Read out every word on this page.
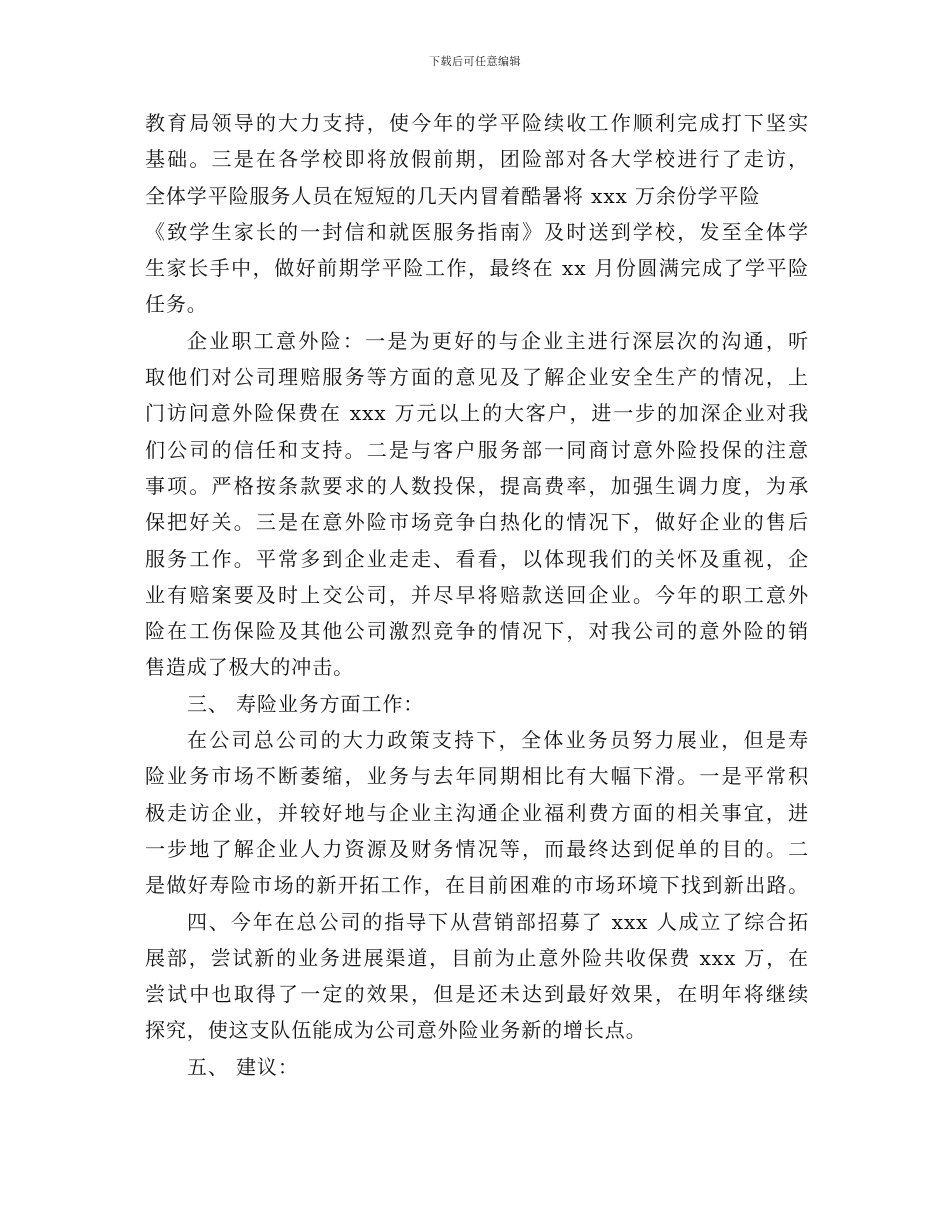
下载后可任意编辑
教育局领导的大力支持，使今年的学平险续收工作顺利完成打下坚实
基础。三是在各学校即将放假前期，团险部对各大学校进行了走访，
全体学平险服务人员在短短的几天内冒着酷暑将 xxx 万余份学平险
《致学生家长的一封信和就医服务指南》及时送到学校，发至全体学
生家长手中，做好前期学平险工作，最终在 xx 月份圆满完成了学平险
任务。
企业职工意外险：一是为更好的与企业主进行深层次的沟通，听
取他们对公司理赔服务等方面的意见及了解企业安全生产的情况，上
门访问意外险保费在 xxx 万元以上的大客户，进一步的加深企业对我
们公司的信任和支持。二是与客户服务部一同商讨意外险投保的注意
事项。严格按条款要求的人数投保，提高费率，加强生调力度，为承
保把好关。三是在意外险市场竞争白热化的情况下，做好企业的售后
服务工作。平常多到企业走走、看看，以体现我们的关怀及重视，企
业有赔案要及时上交公司，并尽早将赔款送回企业。今年的职工意外
险在工伤保险及其他公司激烈竞争的情况下，对我公司的意外险的销
售造成了极大的冲击。
三、 寿险业务方面工作：
在公司总公司的大力政策支持下，全体业务员努力展业，但是寿
险业务市场不断萎缩，业务与去年同期相比有大幅下滑。一是平常积
极走访企业，并较好地与企业主沟通企业福利费方面的相关事宜，进
一步地了解企业人力资源及财务情况等，而最终达到促单的目的。二
是做好寿险市场的新开拓工作，在目前困难的市场环境下找到新出路。
四、今年在总公司的指导下从营销部招募了 xxx 人成立了综合拓
展部，尝试新的业务进展渠道，目前为止意外险共收保费 xxx 万，在
尝试中也取得了一定的效果，但是还未达到最好效果，在明年将继续
探究，使这支队伍能成为公司意外险业务新的增长点。
五、 建议：
